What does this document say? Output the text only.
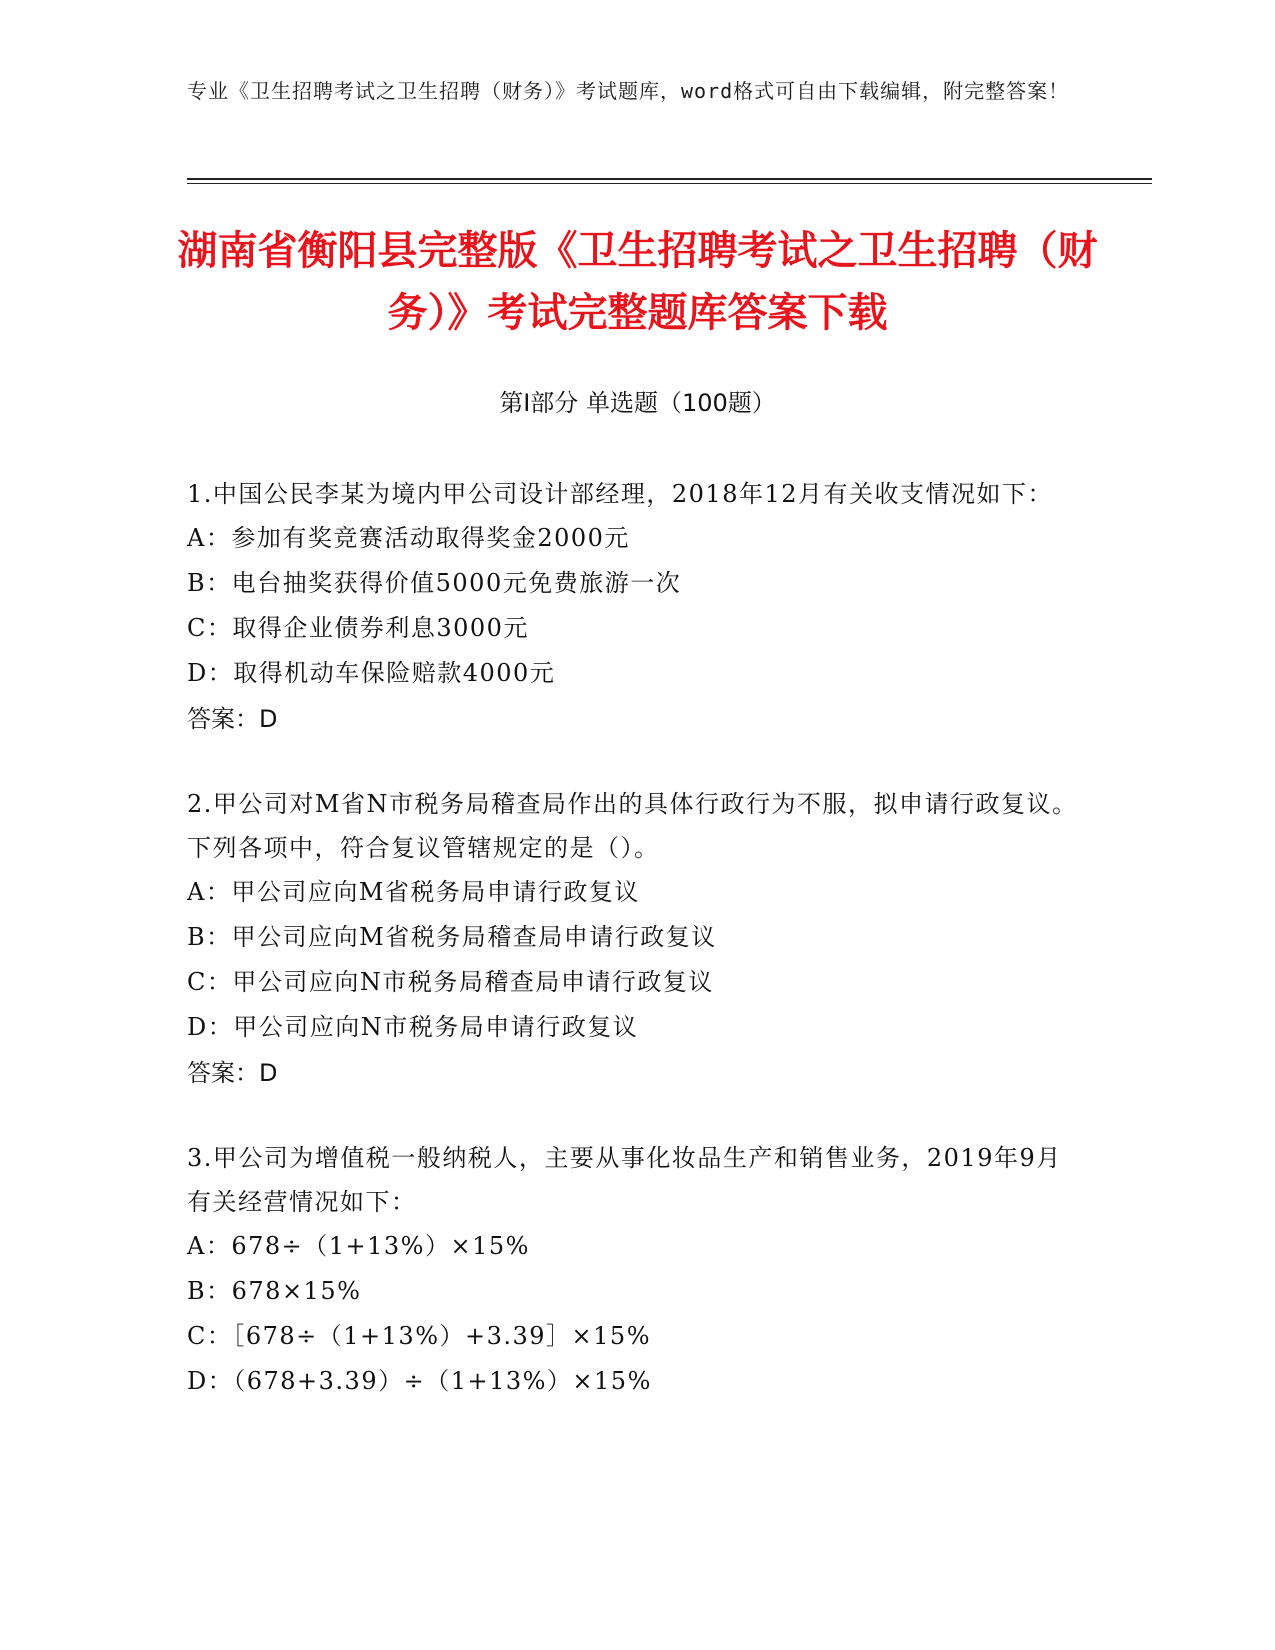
专业《卫生招聘考试之卫生招聘（财务）》考试题库，word格式可自由下载编辑，附完整答案！
湖南省衡阳县完整版《卫生招聘考试之卫生招聘（财务）》考试完整题库答案下载
第Ⅰ部分 单选题（100题）
1.中国公民李某为境内甲公司设计部经理，2018年12月有关收支情况如下：
A：参加有奖竞赛活动取得奖金2000元
B：电台抽奖获得价值5000元免费旅游一次
C：取得企业债券利息3000元
D：取得机动车保险赔款4000元
答案：D
2.甲公司对M省N市税务局稽查局作出的具体行政行为不服，拟申请行政复议。下列各项中，符合复议管辖规定的是（）。
A：甲公司应向M省税务局申请行政复议
B：甲公司应向M省税务局稽查局申请行政复议
C：甲公司应向N市税务局稽查局申请行政复议
D：甲公司应向N市税务局申请行政复议
答案：D
3.甲公司为增值税一般纳税人，主要从事化妆品生产和销售业务，2019年9月有关经营情况如下：
A：678÷（1+13%）×15%
B：678×15%
C：［678÷（1+13%）+3.39］×15%
D：（678+3.39）÷（1+13%）×15%
